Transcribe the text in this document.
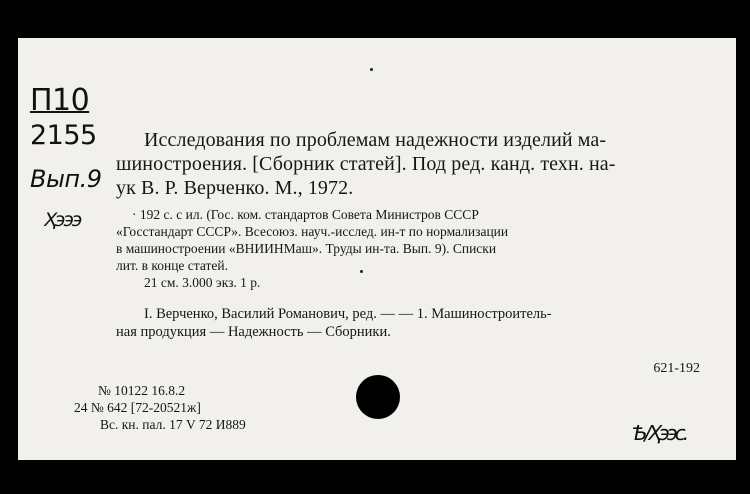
П10
2155
Вып.9
Ҳэээ
Исследования по проблемам надежности изделий ма-
шиностроения. [Сборник статей]. Под ред. канд. техн. на-
ук В. Р. Верченко. М., 1972.
· 192 с. с ил. (Гос. ком. стандартов Совета Министров СССР
«Госстандарт СССР». Всесоюз. науч.-исслед. ин-т по нормализации
в машиностроении «ВНИИНМаш». Труды ин-та. Вып. 9). Списки
лит. в конце статей.
21 см. 3.000 экз. 1 р.
I. Верченко, Василий Романович, ред. — — 1. Машиностроитель-
ная продукция — Надежность — Сборники.
621-192
№ 10122 16.8.2
24 № 642 [72-20521ж]
Вс. кн. пал. 17 V 72 И889	Ѣ/Ҳээс.
